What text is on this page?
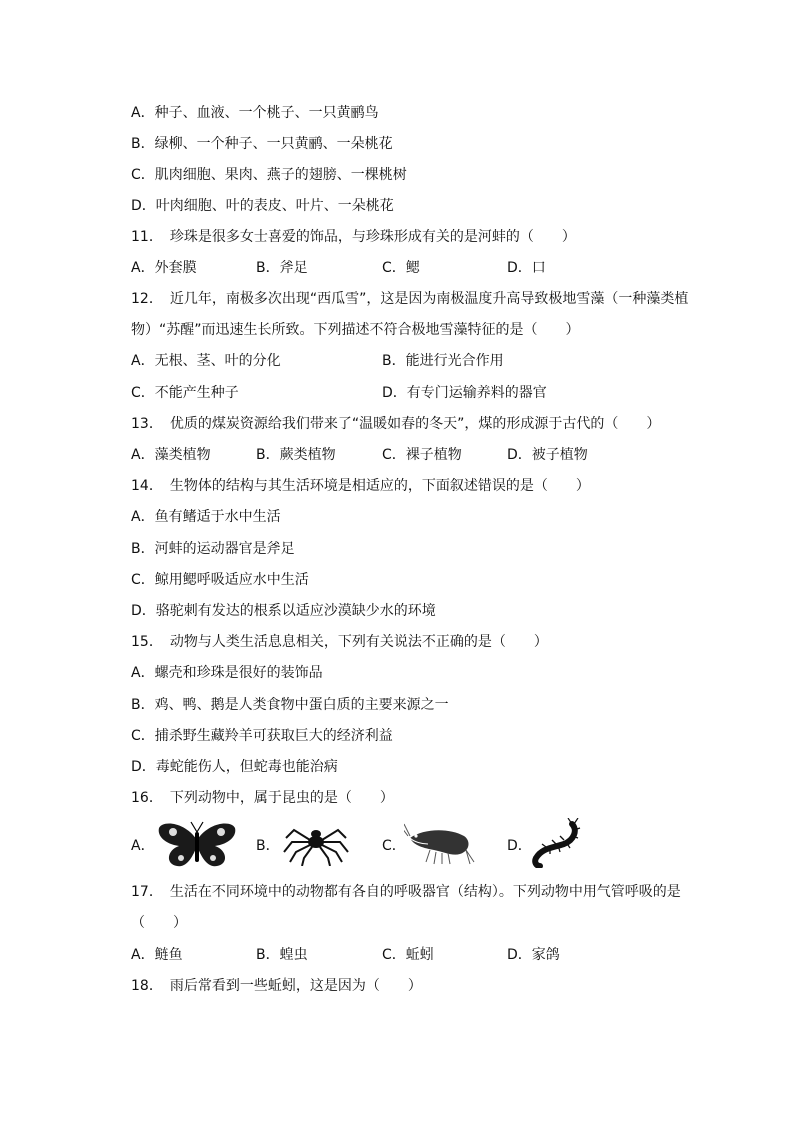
A．种子、血液、一个桃子、一只黄鹂鸟
B．绿柳、一个种子、一只黄鹂、一朵桃花
C．肌肉细胞、果肉、燕子的翅膀、一棵桃树
D．叶肉细胞、叶的表皮、叶片、一朵桃花
11．　珍珠是很多女士喜爱的饰品，与珍珠形成有关的是河蚌的（　　）
A．外套膜	B．斧足	C．鳃	D．口
12．　近几年，南极多次出现“西瓜雪”，这是因为南极温度升高导致极地雪藻（一种藻类植
物）“苏醒”而迅速生长所致。下列描述不符合极地雪藻特征的是（　　）
A．无根、茎、叶的分化	B．能进行光合作用
C．不能产生种子	D．有专门运输养料的器官
13．　优质的煤炭资源给我们带来了“温暖如春的冬天”，煤的形成源于古代的（　　）
A．藻类植物	B．蕨类植物	C．裸子植物	D．被子植物
14．　生物体的结构与其生活环境是相适应的，下面叙述错误的是（　　）
A．鱼有鳍适于水中生活
B．河蚌的运动器官是斧足
C．鲸用鳃呼吸适应水中生活
D．骆驼刺有发达的根系以适应沙漠缺少水的环境
15．　动物与人类生活息息相关，下列有关说法不正确的是（　　）
A．螺壳和珍珠是很好的装饰品
B．鸡、鸭、鹅是人类食物中蛋白质的主要来源之一
C．捕杀野生藏羚羊可获取巨大的经济利益
D．毒蛇能伤人，但蛇毒也能治病
16．　下列动物中，属于昆虫的是（　　）
A．	B．	C．	D．
17．　生活在不同环境中的动物都有各自的呼吸器官（结构）。下列动物中用气管呼吸的是
（　　）
A．鲢鱼	B．蝗虫	C．蚯蚓	D．家鸽
18．　雨后常看到一些蚯蚓，这是因为（　　）
